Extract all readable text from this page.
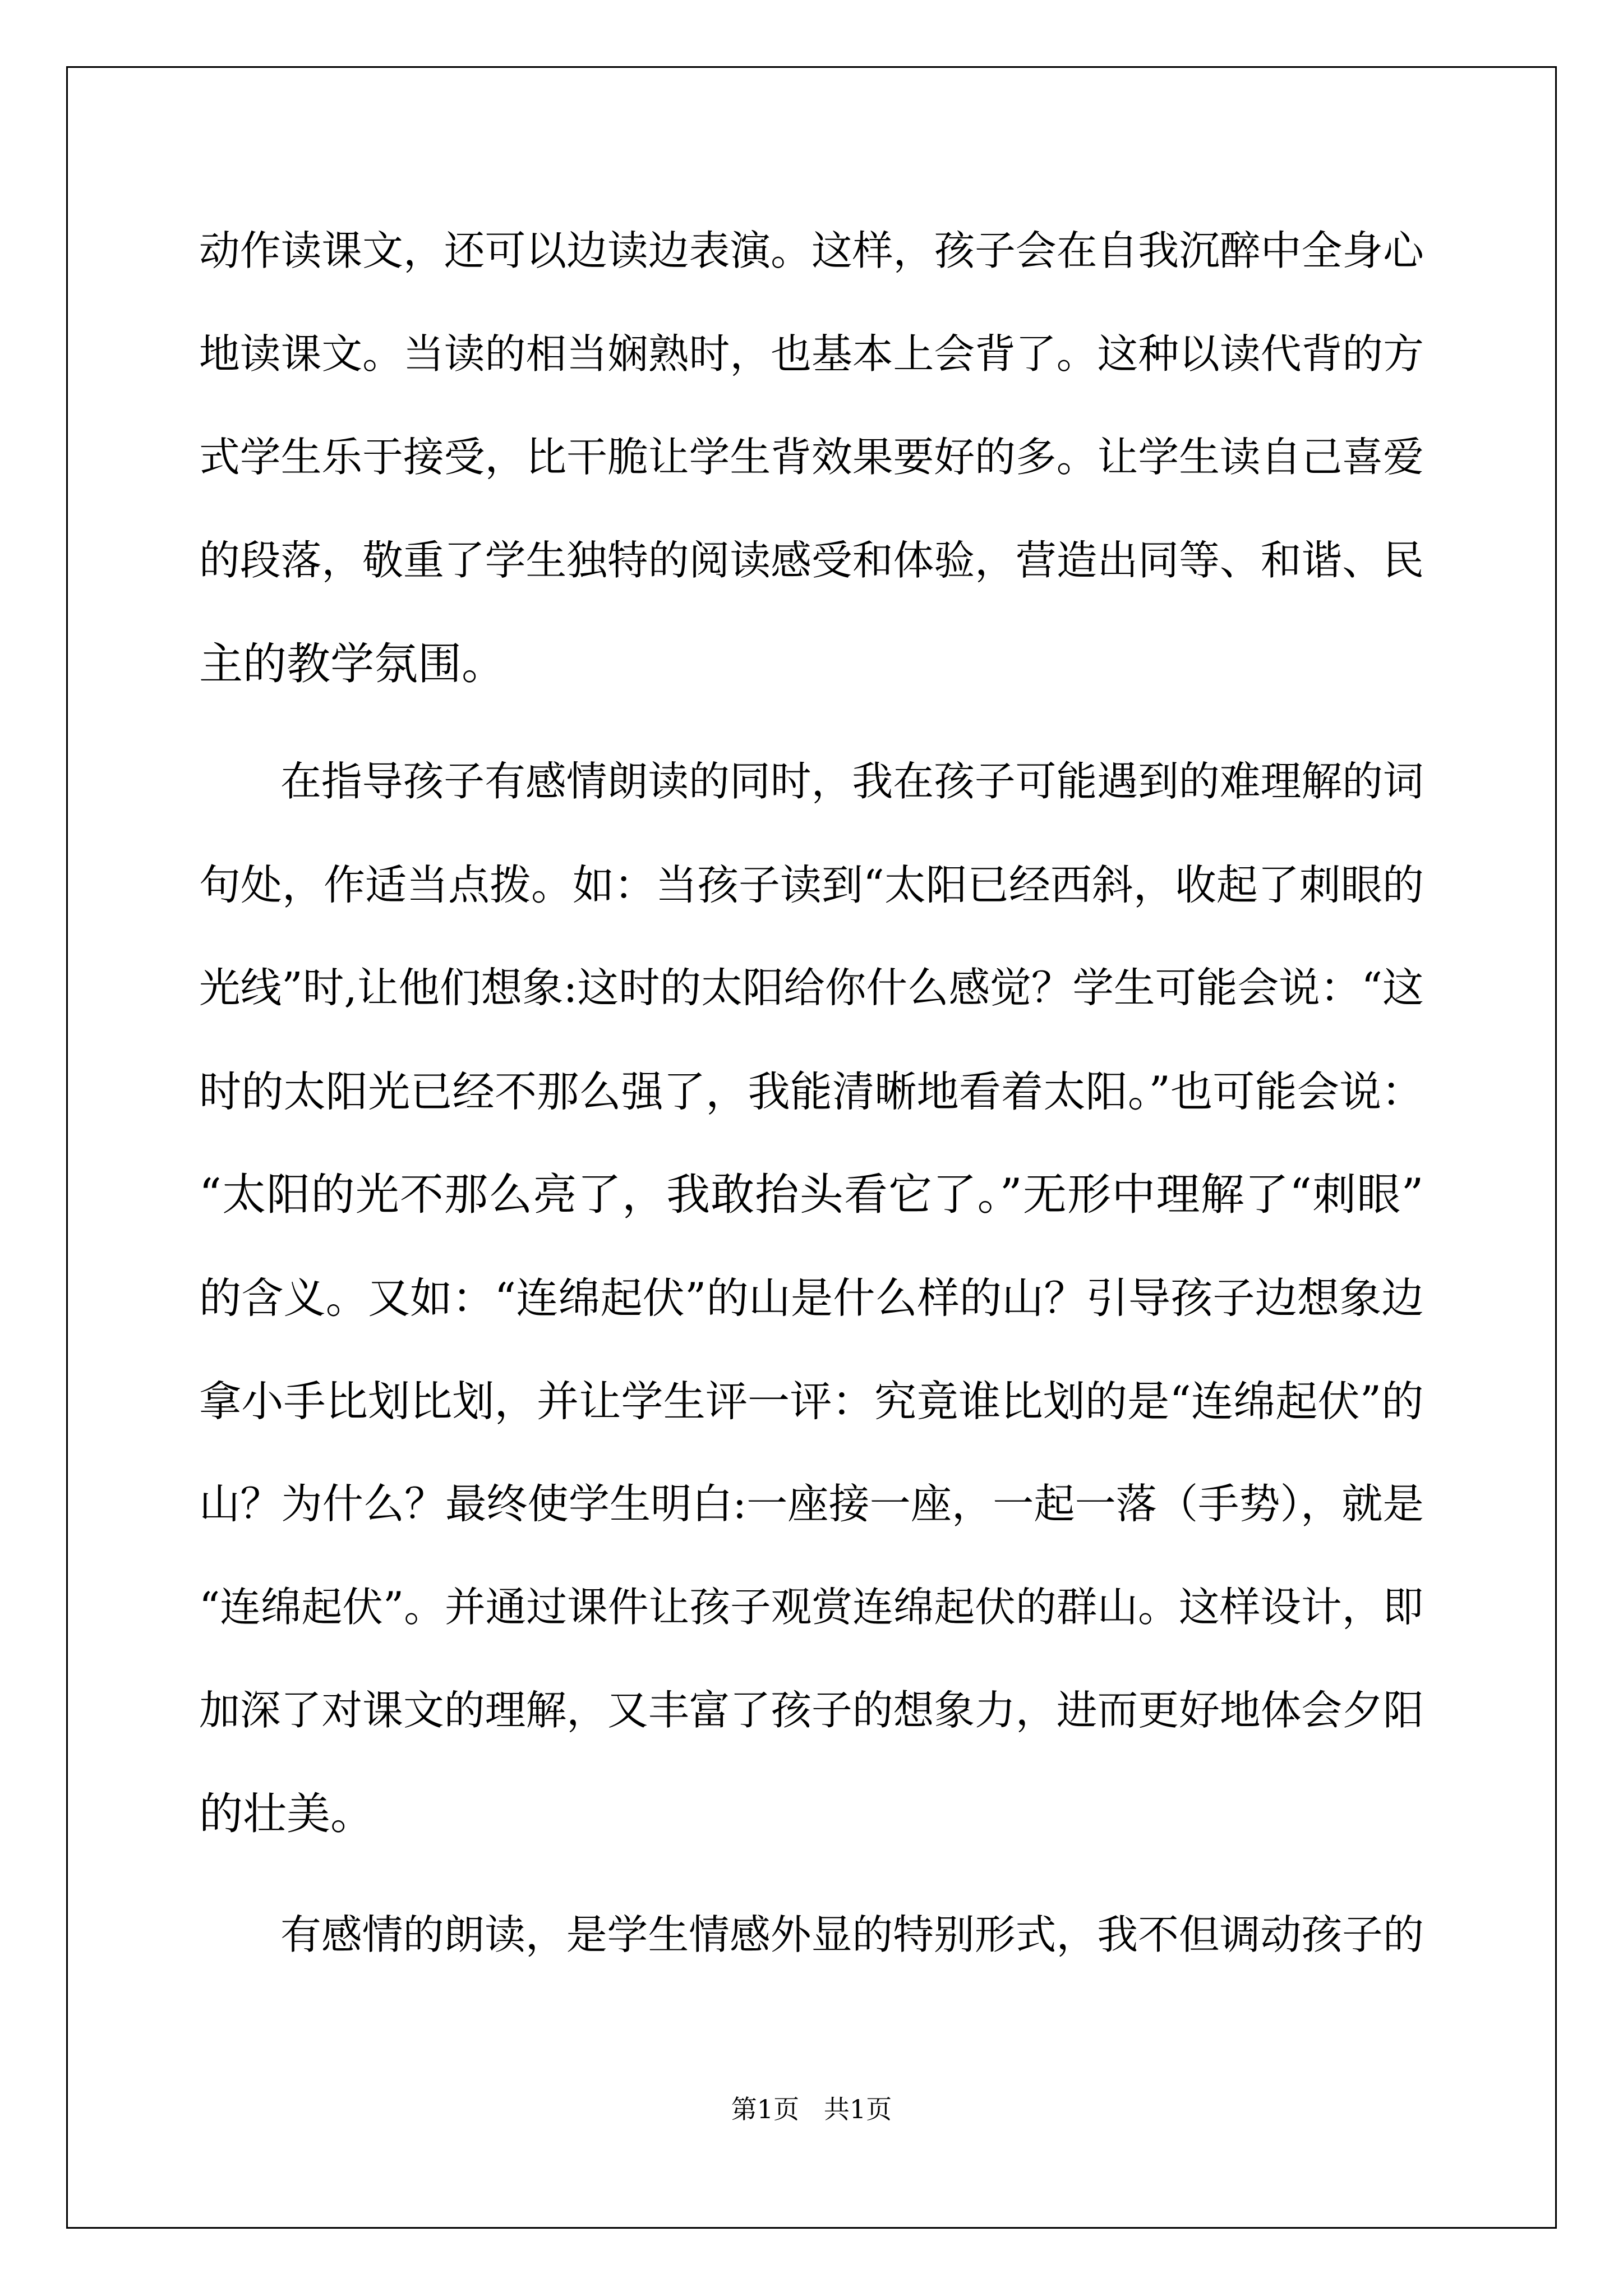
动作读课文，还可以边读边表演。这样，孩子会在自我沉醉中全身心
地读课文。当读的相当娴熟时，也基本上会背了。这种以读代背的方
式学生乐于接受，比干脆让学生背效果要好的多。让学生读自己喜爱
的段落，敬重了学生独特的阅读感受和体验，营造出同等、和谐、民
主的教学氛围。
在指导孩子有感情朗读的同时，我在孩子可能遇到的难理解的词
句处，作适当点拨。如：当孩子读到“太阳已经西斜，收起了刺眼的
光线”时,让他们想象:这时的太阳给你什么感觉？学生可能会说：“这
时的太阳光已经不那么强了，我能清晰地看着太阳。”也可能会说：
“太阳的光不那么亮了，我敢抬头看它了。”无形中理解了“刺眼”
的含义。又如：“连绵起伏”的山是什么样的山？引导孩子边想象边
拿小手比划比划，并让学生评一评：究竟谁比划的是“连绵起伏”的
山？为什么？最终使学生明白:一座接一座，一起一落（手势），就是
“连绵起伏”。并通过课件让孩子观赏连绵起伏的群山。这样设计，即
加深了对课文的理解，又丰富了孩子的想象力，进而更好地体会夕阳
的壮美。
有感情的朗读，是学生情感外显的特别形式，我不但调动孩子的
第1页   共1页
